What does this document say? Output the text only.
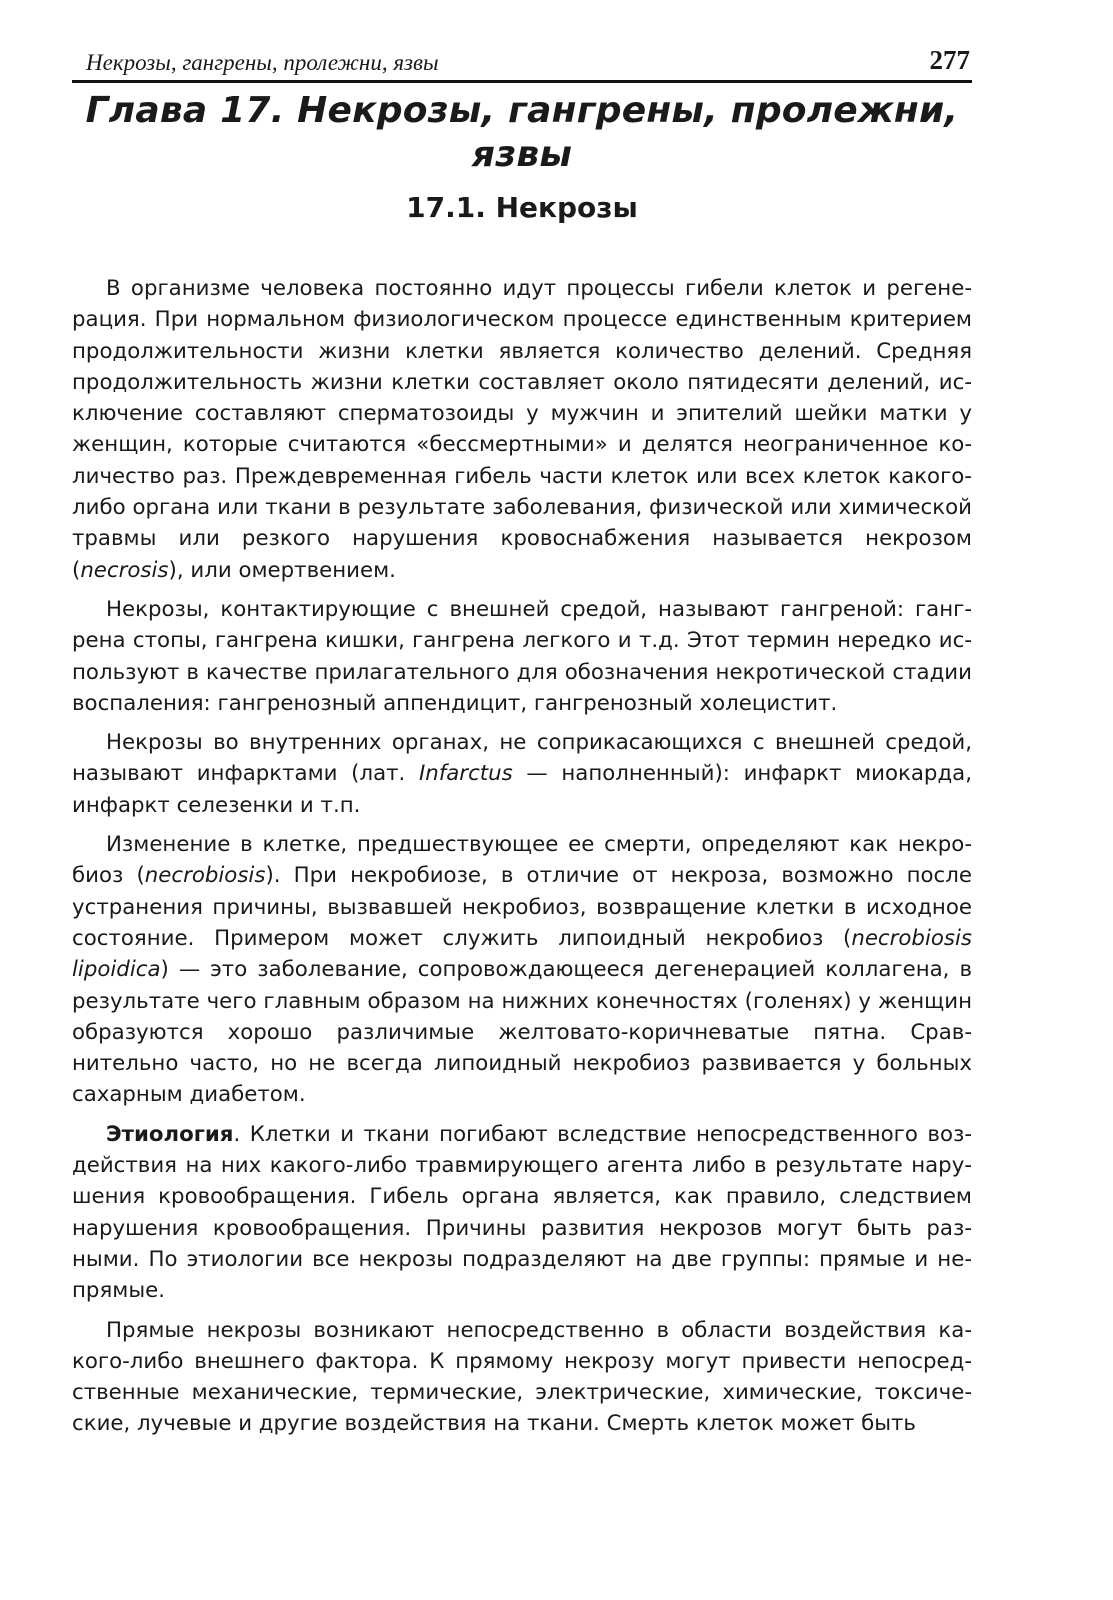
Некрозы, гангрены, пролежни, язвы	277
Глава 17. Некрозы, гангрены, пролежни, язвы
17.1. Некрозы

В организме человека постоянно идут процессы гибели клеток и регенерация. При нормальном физиологическом процессе единственным критерием продолжительности жизни клетки является количество делений. Средняя продолжительность жизни клетки составляет около пятидесяти делений, исключение составляют сперматозоиды у мужчин и эпителий шейки матки у женщин, которые считаются «бессмертными» и делятся неограниченное количество раз. Преждевременная гибель части клеток или всех клеток какого-либо органа или ткани в результате заболевания, физической или химической травмы или резкого нарушения кровоснабжения называется некрозом (necrosis), или омертвением.

Некрозы, контактирующие с внешней средой, называют гангреной: гангрена стопы, гангрена кишки, гангрена легкого и т.д. Этот термин нередко используют в качестве прилагательного для обозначения некротической стадии воспаления: гангренозный аппендицит, гангренозный холецистит.

Некрозы во внутренних органах, не соприкасающихся с внешней средой, называют инфарктами (лат. Infarctus — наполненный): инфаркт миокарда, инфаркт селезенки и т.п.

Изменение в клетке, предшествующее ее смерти, определяют как некробиоз (necrobiosis). При некробиозе, в отличие от некроза, возможно после устранения причины, вызвавшей некробиоз, возвращение клетки в исходное состояние. Примером может служить липоидный некробиоз (necrobiosis lipoidica) — это заболевание, сопровождающееся дегенерацией коллагена, в результате чего главным образом на нижних конечностях (голенях) у женщин образуются хорошо различимые желтовато-коричневатые пятна. Сравнительно часто, но не всегда липоидный некробиоз развивается у больных сахарным диабетом.

Этиология. Клетки и ткани погибают вследствие непосредственного воздействия на них какого-либо травмирующего агента либо в результате нарушения кровообращения. Гибель органа является, как правило, следствием нарушения кровообращения. Причины развития некрозов могут быть разными. По этиологии все некрозы подразделяют на две группы: прямые и непрямые.

Прямые некрозы возникают непосредственно в области воздействия какого-либо внешнего фактора. К прямому некрозу могут привести непосредственные механические, термические, электрические, химические, токсические, лучевые и другие воздействия на ткани. Смерть клеток может быть
